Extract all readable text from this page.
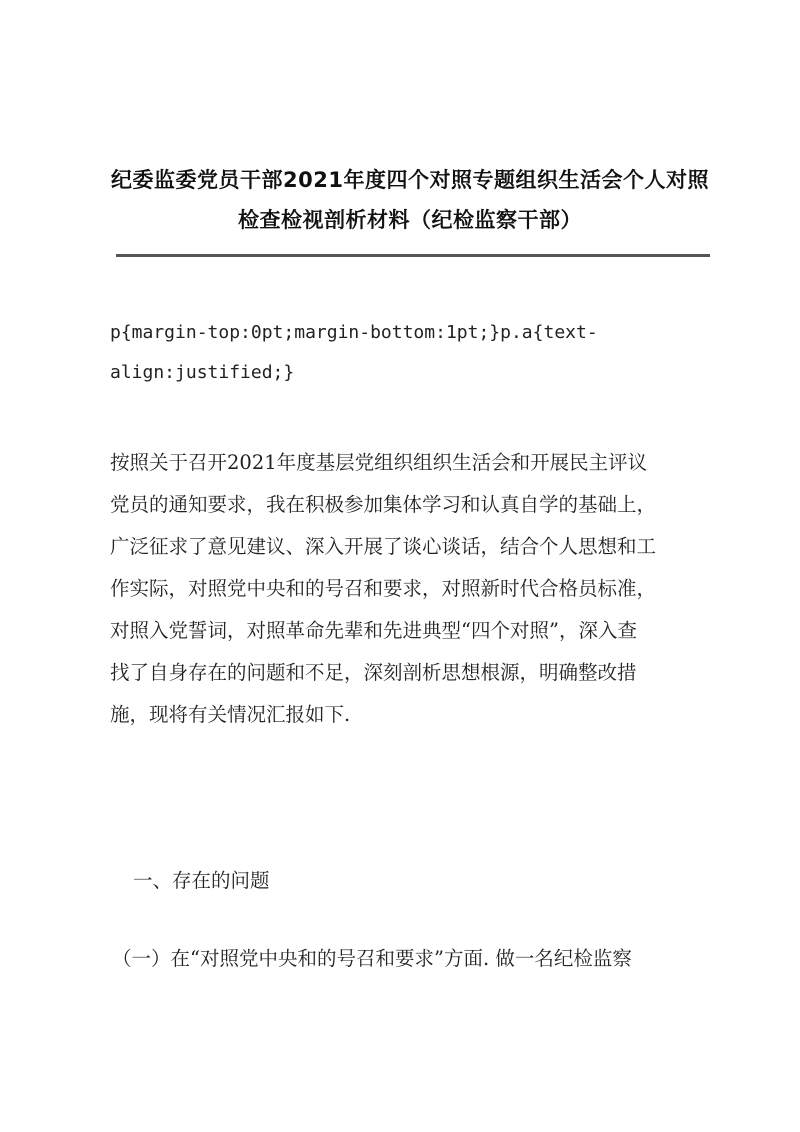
纪委监委党员干部2021年度四个对照专题组织生活会个人对照
检查检视剖析材料（纪检监察干部）

p{margin-top:0pt;margin-bottom:1pt;}p.a{text-
align:justified;}

按照关于召开2021年度基层党组织组织生活会和开展民主评议
党员的通知要求，我在积极参加集体学习和认真自学的基础上，
广泛征求了意见建议、深入开展了谈心谈话，结合个人思想和工
作实际，对照党中央和的号召和要求，对照新时代合格员标准，
对照入党誓词，对照革命先辈和先进典型“四个对照”，深入查
找了自身存在的问题和不足，深刻剖析思想根源，明确整改措
施，现将有关情况汇报如下.

一、存在的问题

（一）在“对照党中央和的号召和要求”方面. 做一名纪检监察
